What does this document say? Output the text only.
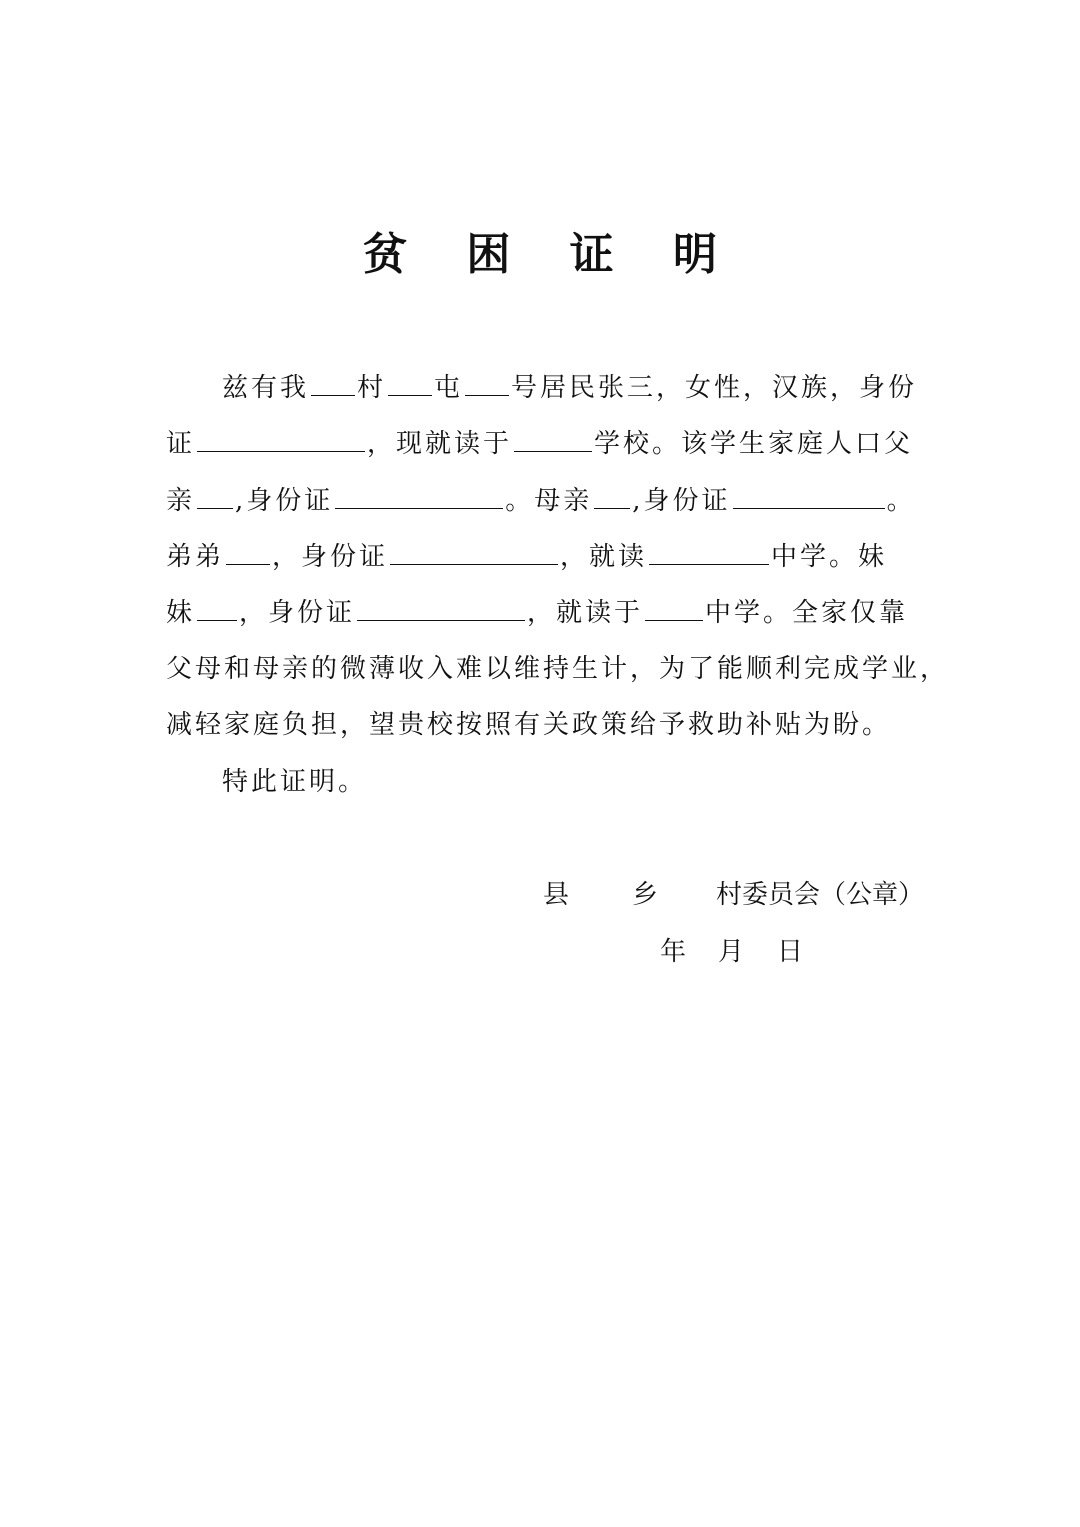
贫 困 证 明
兹有我 村 屯 号居民张三，女性，汉族，身份
证	，现就读于	学校。该学生家庭人口父
亲 ,身份证	。母亲 ,身份证	。
弟弟 ，身份证	，就读	中学。妹
妹 ，身份证	，就读于 中学。全家仅靠
父母和母亲的微薄收入难以维持生计，为了能顺利完成学业，
减轻家庭负担，望贵校按照有关政策给予救助补贴为盼。
特此证明。
县 乡 村委员会（公章）
年 月 日
